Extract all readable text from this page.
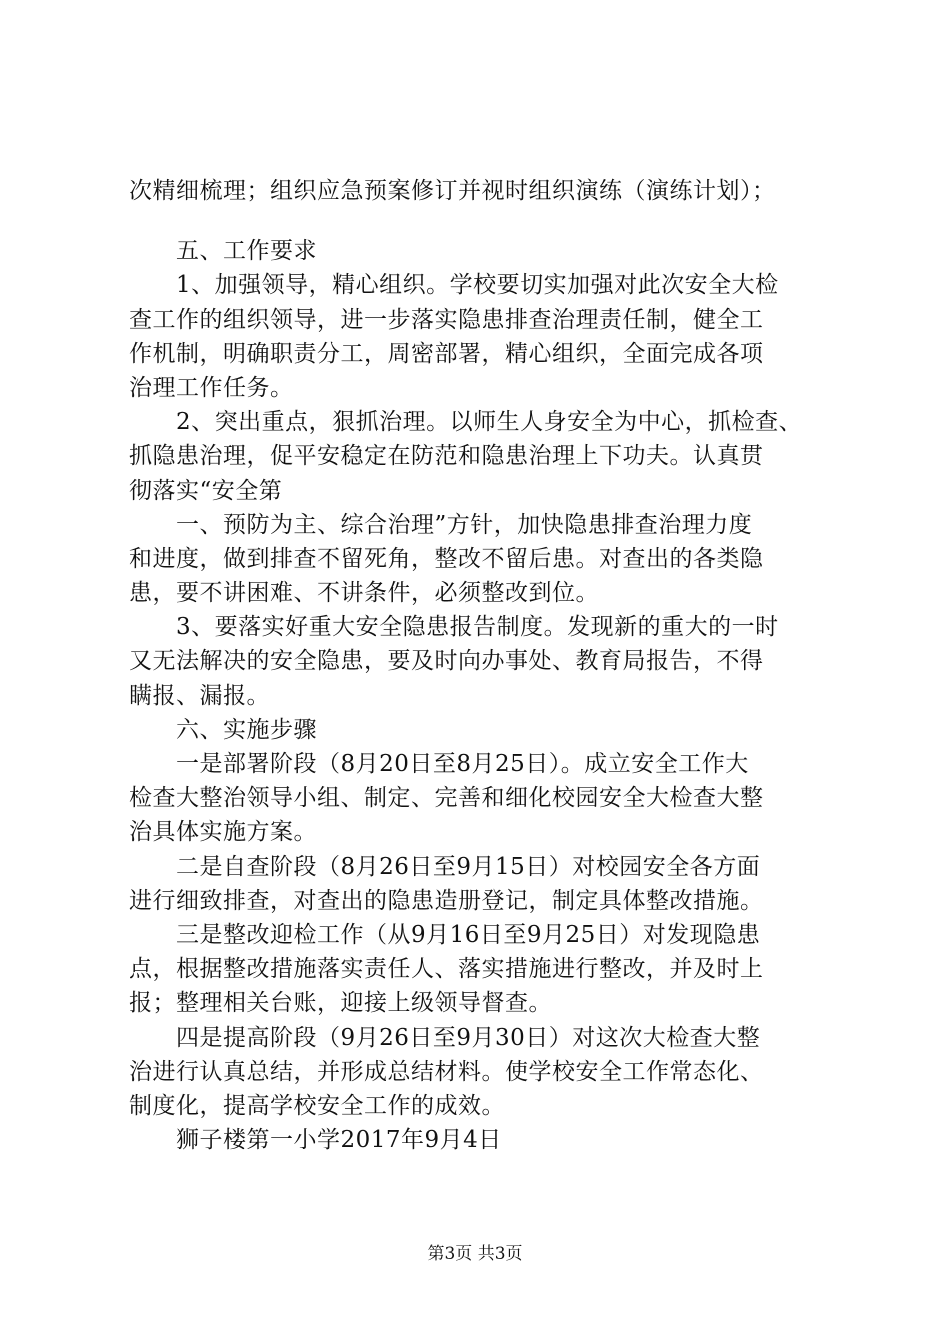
次精细梳理；组织应急预案修订并视时组织演练（演练计划）；
　　五、工作要求
　　1、加强领导，精心组织。学校要切实加强对此次安全大检
查工作的组织领导，进一步落实隐患排查治理责任制，健全工
作机制，明确职责分工，周密部署，精心组织，全面完成各项
治理工作任务。
　　2、突出重点，狠抓治理。以师生人身安全为中心，抓检查、
抓隐患治理，促平安稳定在防范和隐患治理上下功夫。认真贯
彻落实“安全第
　　一、预防为主、综合治理”方针，加快隐患排查治理力度
和进度，做到排查不留死角，整改不留后患。对查出的各类隐
患，要不讲困难、不讲条件，必须整改到位。
　　3、要落实好重大安全隐患报告制度。发现新的重大的一时
又无法解决的安全隐患，要及时向办事处、教育局报告，不得
瞒报、漏报。
　　六、实施步骤
　　一是部署阶段（8月20日至8月25日）。成立安全工作大
检查大整治领导小组、制定、完善和细化校园安全大检查大整
治具体实施方案。
　　二是自查阶段（8月26日至9月15日）对校园安全各方面
进行细致排查，对查出的隐患造册登记，制定具体整改措施。
　　三是整改迎检工作（从9月16日至9月25日）对发现隐患
点，根据整改措施落实责任人、落实措施进行整改，并及时上
报；整理相关台账，迎接上级领导督查。
　　四是提高阶段（9月26日至9月30日）对这次大检查大整
治进行认真总结，并形成总结材料。使学校安全工作常态化、
制度化，提高学校安全工作的成效。
　　狮子楼第一小学2017年9月4日
第3页 共3页
